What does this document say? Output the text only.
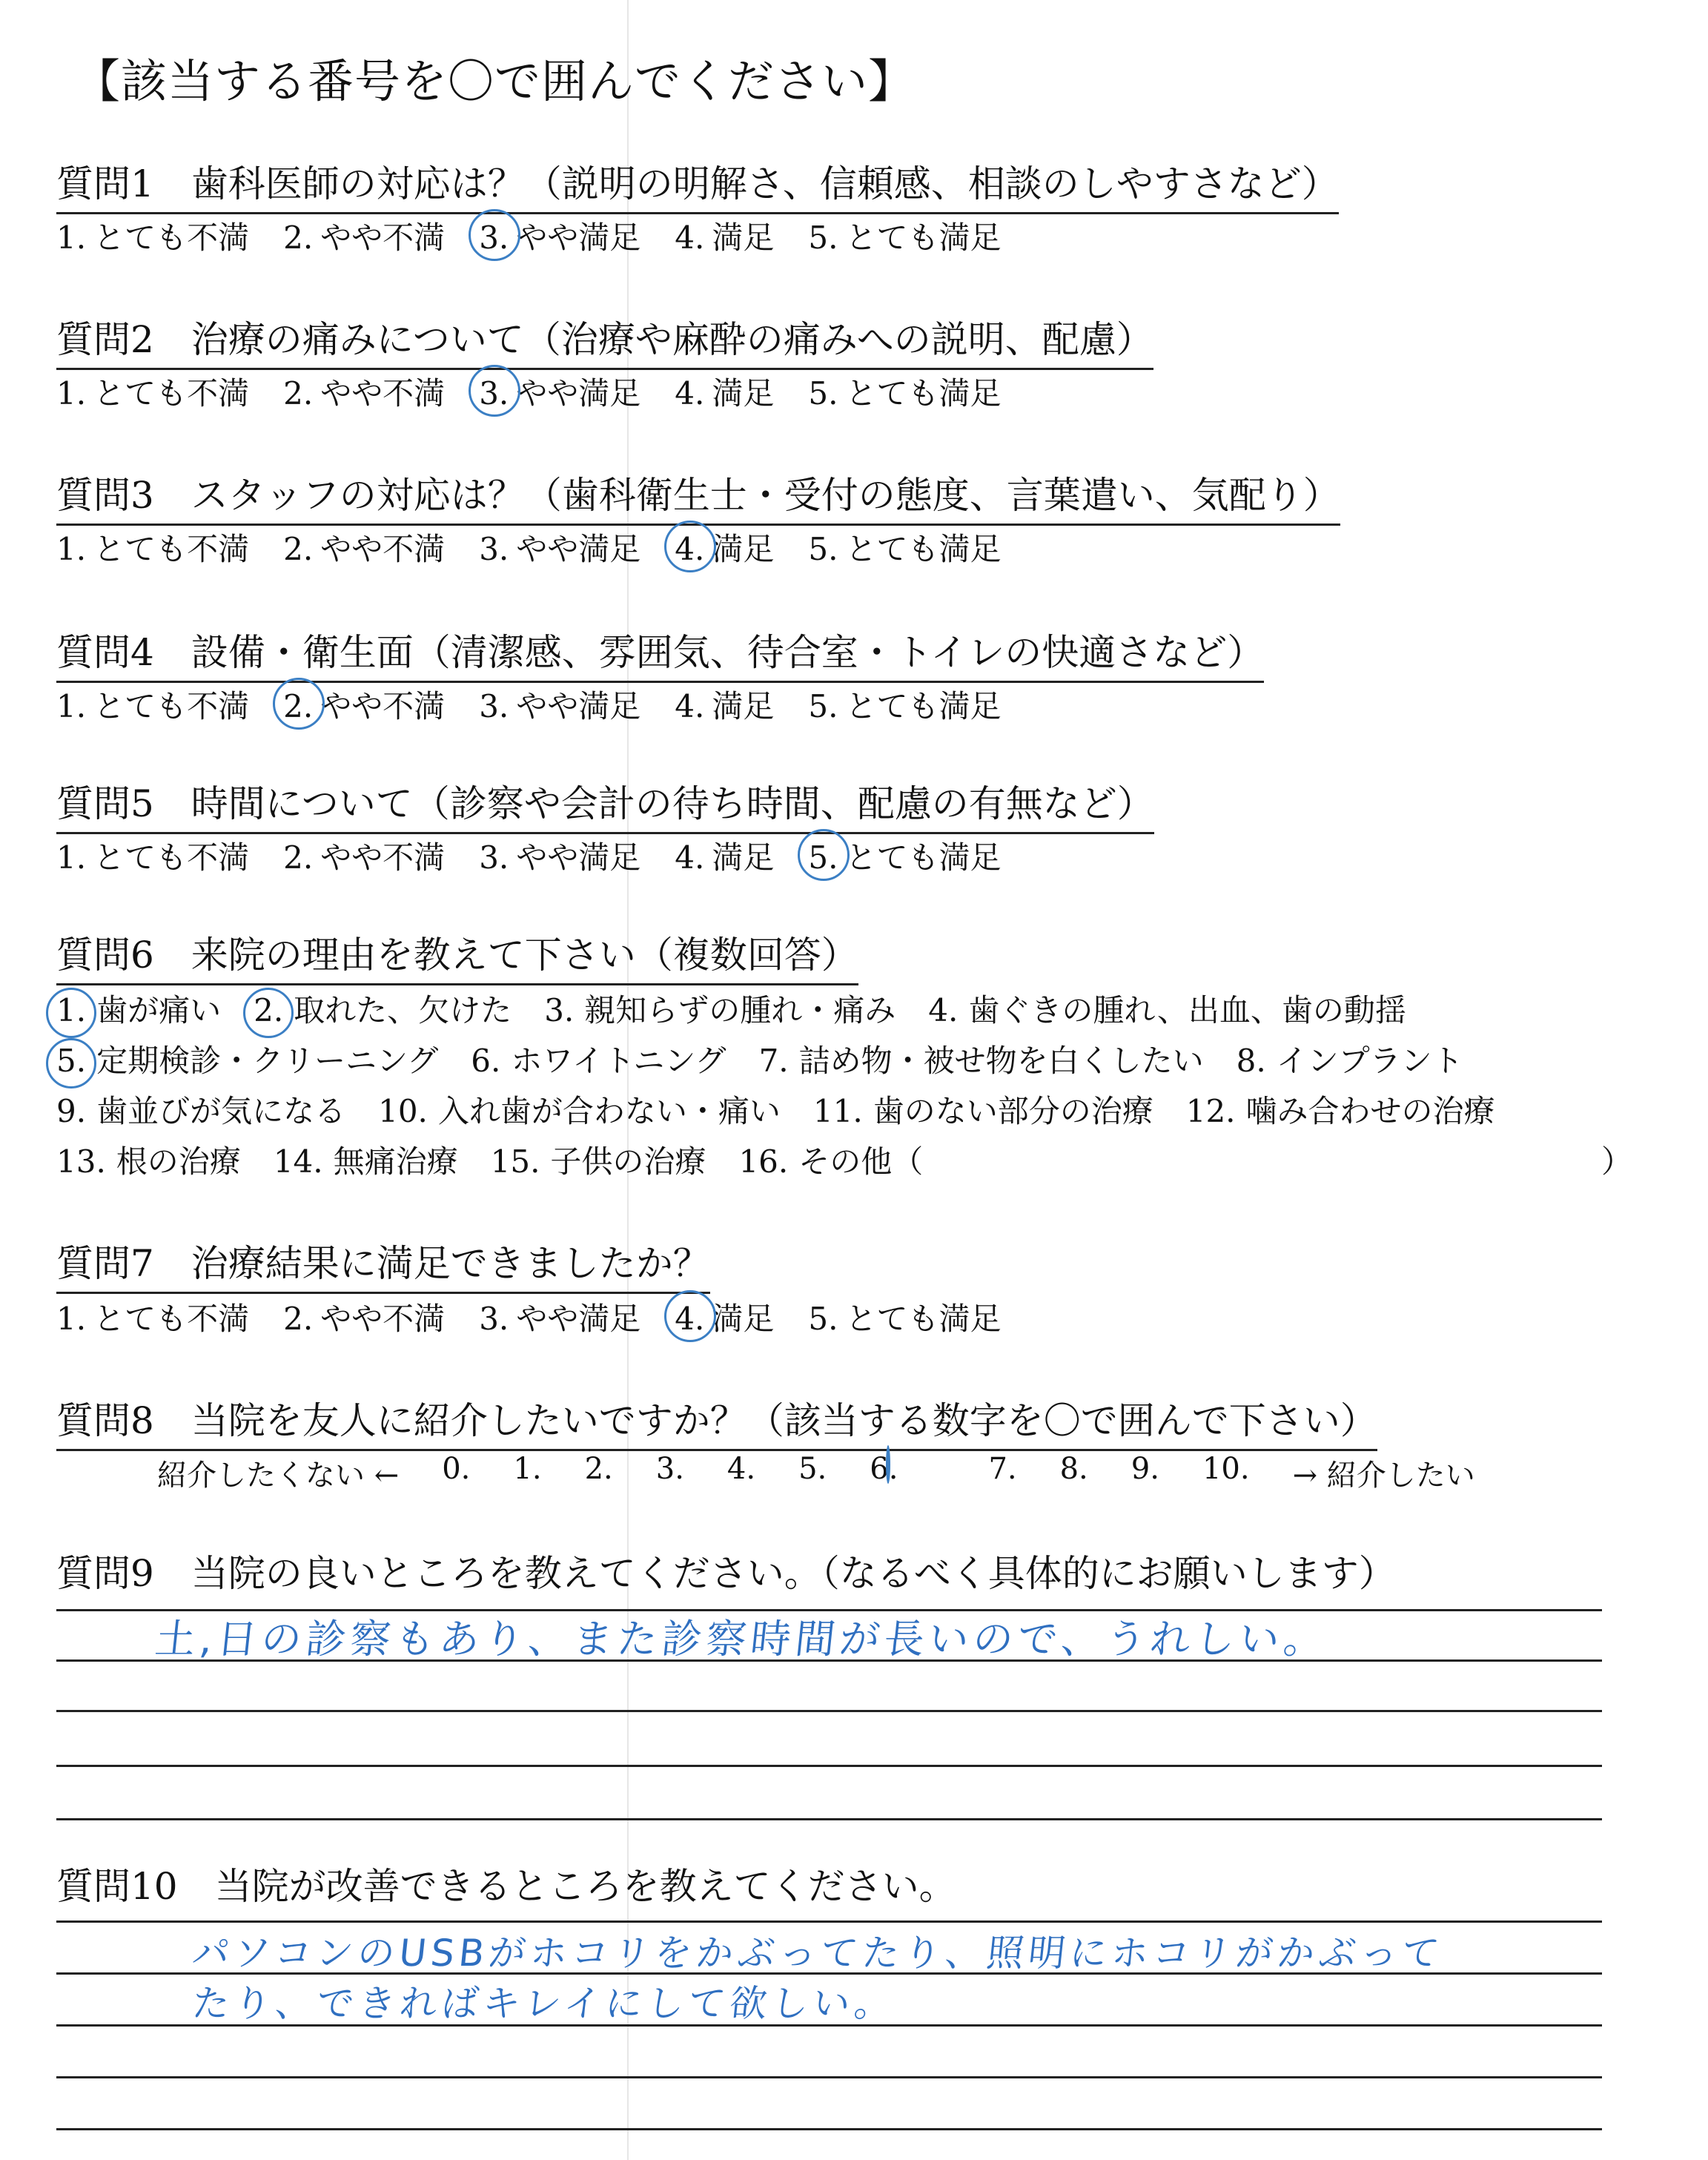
【該当する番号を〇で囲んでください】
質問1　歯科医師の対応は？（説明の明解さ、信頼感、相談のしやすさなど）
1. とても不満 2. やや不満 3. やや満足 4. 満足 5. とても満足
質問2　治療の痛みについて（治療や麻酔の痛みへの説明、配慮）
1. とても不満 2. やや不満 3. やや満足 4. 満足 5. とても満足
質問3　スタッフの対応は？（歯科衛生士・受付の態度、言葉遣い、気配り）
1. とても不満 2. やや不満 3. やや満足 4. 満足 5. とても満足
質問4　設備・衛生面（清潔感、雰囲気、待合室・トイレの快適さなど）
1. とても不満 2. やや不満 3. やや満足 4. 満足 5. とても満足
質問5　時間について（診察や会計の待ち時間、配慮の有無など）
1. とても不満 2. やや不満 3. やや満足 4. 満足 5. とても満足
質問6　来院の理由を教えて下さい（複数回答）
1. 歯が痛い 2. 取れた、欠けた 3. 親知らずの腫れ・痛み 4. 歯ぐきの腫れ、出血、歯の動揺
5. 定期検診・クリーニング 6. ホワイトニング 7. 詰め物・被せ物を白くしたい 8. インプラント
9. 歯並びが気になる 10. 入れ歯が合わない・痛い 11. 歯のない部分の治療 12. 噛み合わせの治療
13. 根の治療 14. 無痛治療 15. 子供の治療 16. その他（	）
質問7　治療結果に満足できましたか？
1. とても不満 2. やや不満 3. やや満足 4. 満足 5. とても満足
質問8　当院を友人に紹介したいですか？（該当する数字を〇で囲んで下さい）
紹介したくない ← 0. 1. 2. 3. 4. 5. 6.	7. 8. 9. 10. → 紹介したい
質問9　当院の良いところを教えてください。（なるべく具体的にお願いします）
土,日の診察もあり、また診察時間が長いので、うれしい。
質問10　当院が改善できるところを教えてください。
パソコンのUSBがホコリをかぶってたり、照明にホコリがかぶって
たり、できればキレイにして欲しい。
